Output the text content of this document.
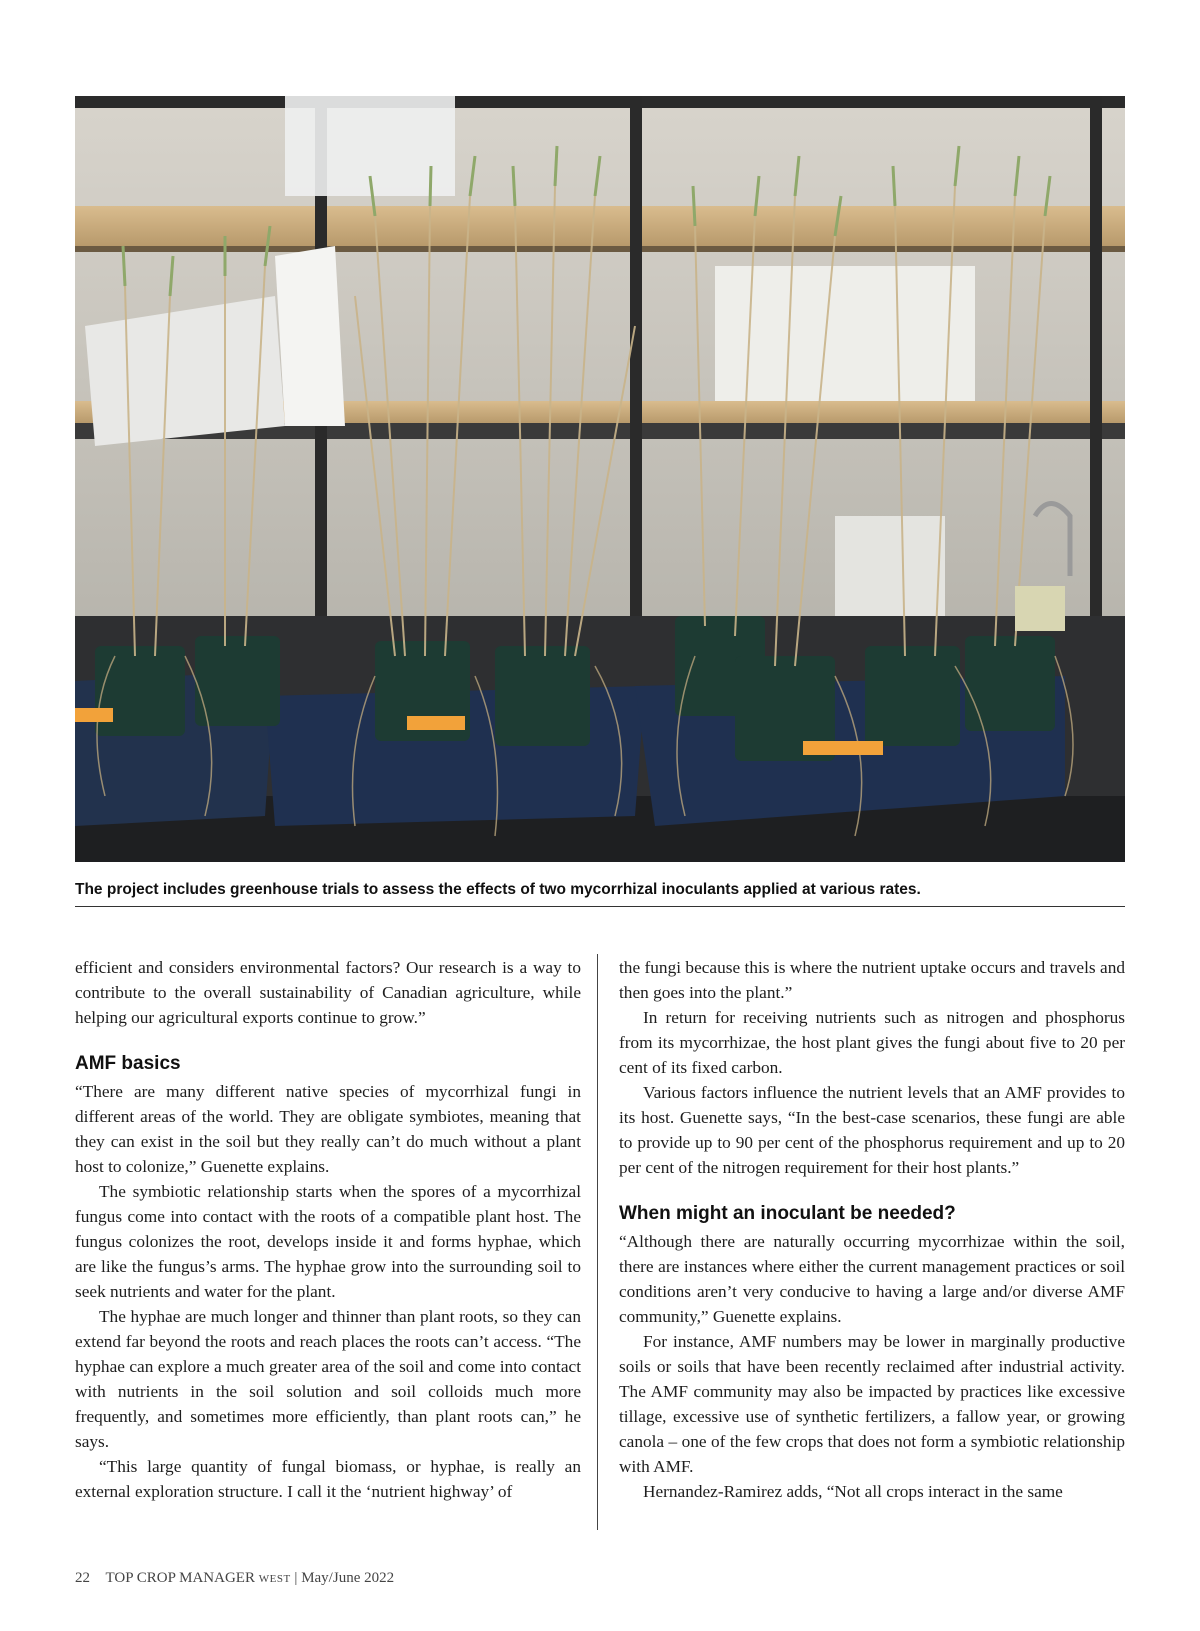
The project includes greenhouse trials to assess the effects of two mycorrhizal inoculants applied at various rates.

efficient and considers environmental factors? Our research is a way to contribute to the overall sustainability of Canadian agriculture, while helping our agricultural exports continue to grow.”

AMF basics

“There are many different native species of mycorrhizal fungi in different areas of the world. They are obligate symbiotes, meaning that they can exist in the soil but they really can’t do much without a plant host to colonize,” Guenette explains.

The symbiotic relationship starts when the spores of a mycorrhizal fungus come into contact with the roots of a compatible plant host. The fungus colonizes the root, develops inside it and forms hyphae, which are like the fungus’s arms. The hyphae grow into the surrounding soil to seek nutrients and water for the plant.

The hyphae are much longer and thinner than plant roots, so they can extend far beyond the roots and reach places the roots can’t access. “The hyphae can explore a much greater area of the soil and come into contact with nutrients in the soil solution and soil colloids much more frequently, and sometimes more efficiently, than plant roots can,” he says.

“This large quantity of fungal biomass, or hyphae, is really an external exploration structure. I call it the ‘nutrient highway’ of

the fungi because this is where the nutrient uptake occurs and travels and then goes into the plant.”

In return for receiving nutrients such as nitrogen and phosphorus from its mycorrhizae, the host plant gives the fungi about five to 20 per cent of its fixed carbon.

Various factors influence the nutrient levels that an AMF provides to its host. Guenette says, “In the best-case scenarios, these fungi are able to provide up to 90 per cent of the phosphorus requirement and up to 20 per cent of the nitrogen requirement for their host plants.”

When might an inoculant be needed?

“Although there are naturally occurring mycorrhizae within the soil, there are instances where either the current management practices or soil conditions aren’t very conducive to having a large and/or diverse AMF community,” Guenette explains.

For instance, AMF numbers may be lower in marginally productive soils or soils that have been recently reclaimed after industrial activity. The AMF community may also be impacted by practices like excessive tillage, excessive use of synthetic fertilizers, a fallow year, or growing canola – one of the few crops that does not form a symbiotic relationship with AMF.

Hernandez-Ramirez adds, “Not all crops interact in the same

22 TOP CROP MANAGER WEST | May/June 2022
